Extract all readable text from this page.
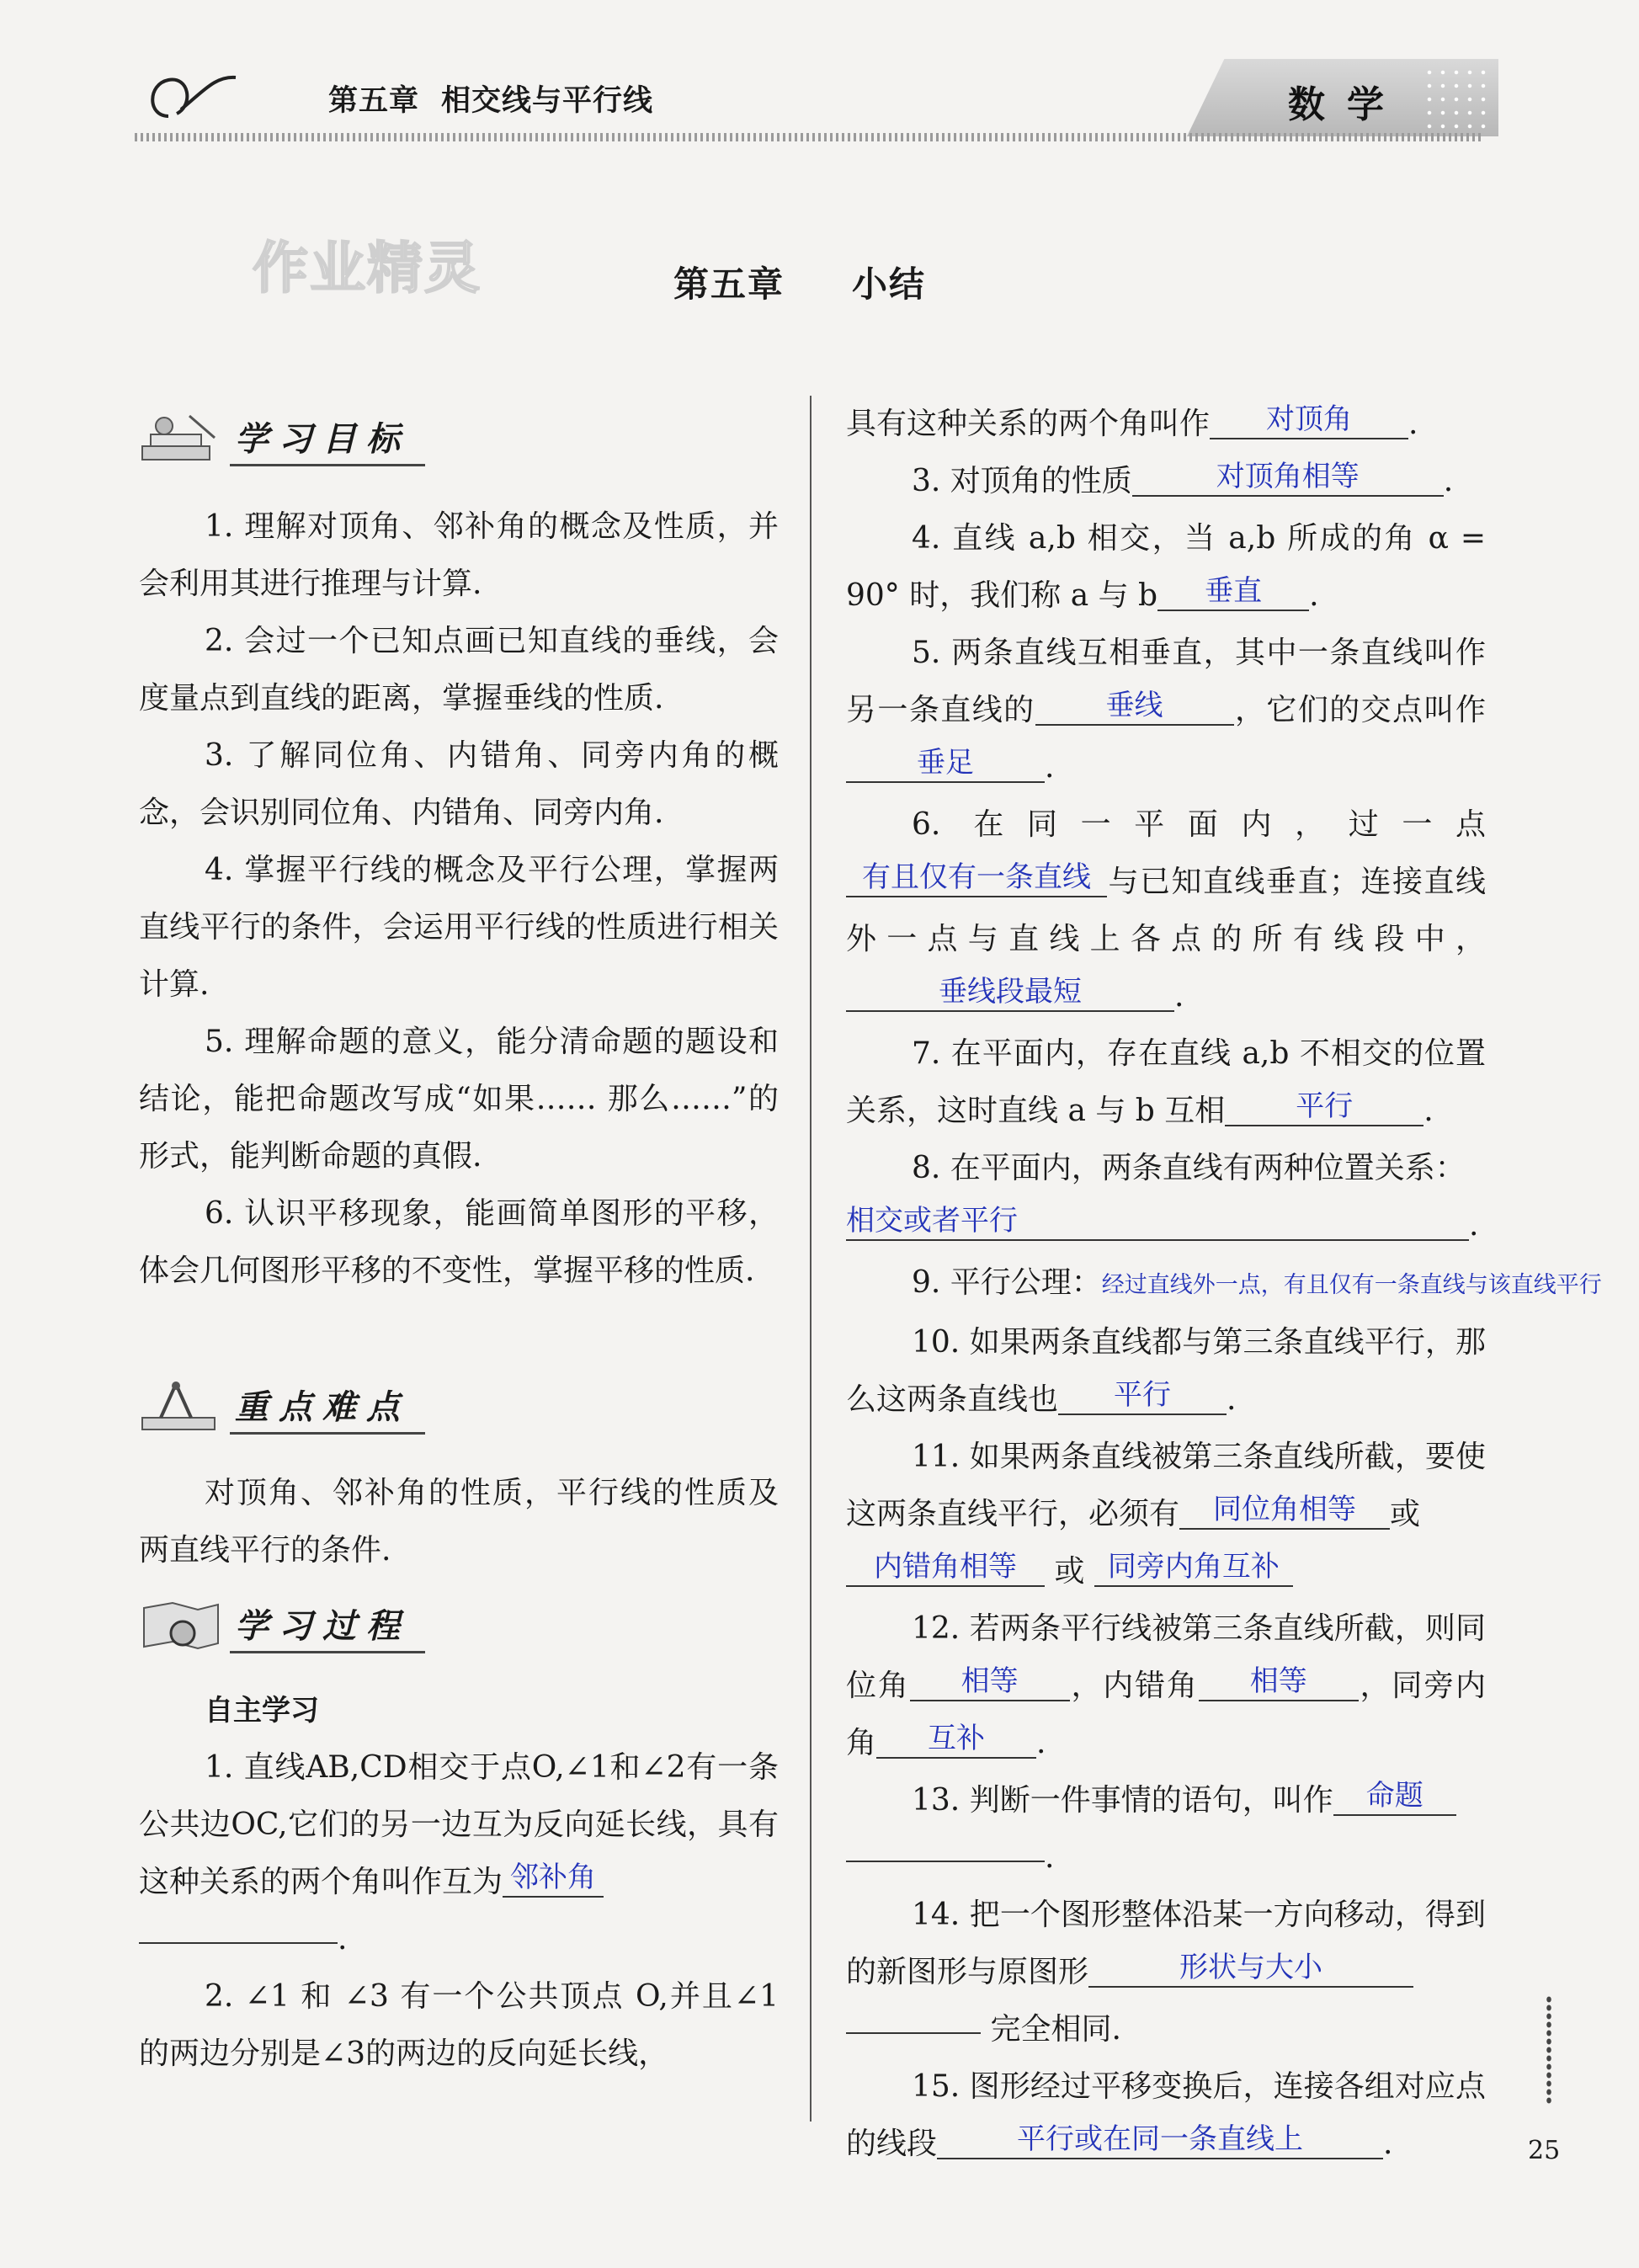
第五章 相交线与平行线	数学
作业精灵	第五章 小结
学习目标

1. 理解对顶角、邻补角的概念及性质，并会利用其进行推理与计算.

2. 会过一个已知点画已知直线的垂线，会度量点到直线的距离，掌握垂线的性质.

3. 了解同位角、内错角、同旁内角的概念，会识别同位角、内错角、同旁内角.

4. 掌握平行线的概念及平行公理，掌握两直线平行的条件，会运用平行线的性质进行相关计算.

5. 理解命题的意义，能分清命题的题设和结论，能把命题改写成“如果…… 那么……”的形式，能判断命题的真假.

6. 认识平移现象，能画简单图形的平移，体会几何图形平移的不变性，掌握平移的性质.

重点难点

对顶角、邻补角的性质，平行线的性质及两直线平行的条件.

学习过程

自主学习

1. 直线AB,CD相交于点O,∠1和∠2有一条公共边OC,它们的另一边互为反向延长线，具有这种关系的两个角叫作互为 邻补角
.

2. ∠1 和 ∠3 有一个公共顶点 O,并且∠1的两边分别是∠3的两边的反向延长线，

具有这种关系的两个角叫作 对顶角 .

3. 对顶角的性质	对顶角相等	.

4. 直线 a,b 相交，当 a,b 所成的角 α = 90° 时，我们称 a 与 b 垂直 .

5. 两条直线互相垂直，其中一条直线叫作另一条直线的 垂线 ，它们的交点叫作垂足 .

6. 在同一平面内，过一点有且仅有一条直线 与已知直线垂直；连接直线外一点与直线上各点的所有线段中，垂线段最短	.

7. 在平面内，存在直线 a,b 不相交的位置关系，这时直线 a 与 b 互相 平行 .

8. 在平面内，两条直线有两种位置关系：
相交或者平行	.

9. 平行公理：经过直线外一点，有且仅有一条直线与该直线平行

10. 如果两条直线都与第三条直线平行，那么这两条直线也 平行 .

11. 如果两条直线被第三条直线所截，要使这两条直线平行，必须有 同位角相等 或
内错角相等 或 同旁内角互补

12. 若两条平行线被第三条直线所截，则同位角 相等 ，内错角 相等 ，同旁内角 互补 .

13. 判断一件事情的语句，叫作 命题
.

14. 把一个图形整体沿某一方向移动，得到的新图形与原图形	形状与大小
完全相同.

15. 图形经过平移变换后，连接各组对应点的线段	平行或在同一条直线上	.	25
